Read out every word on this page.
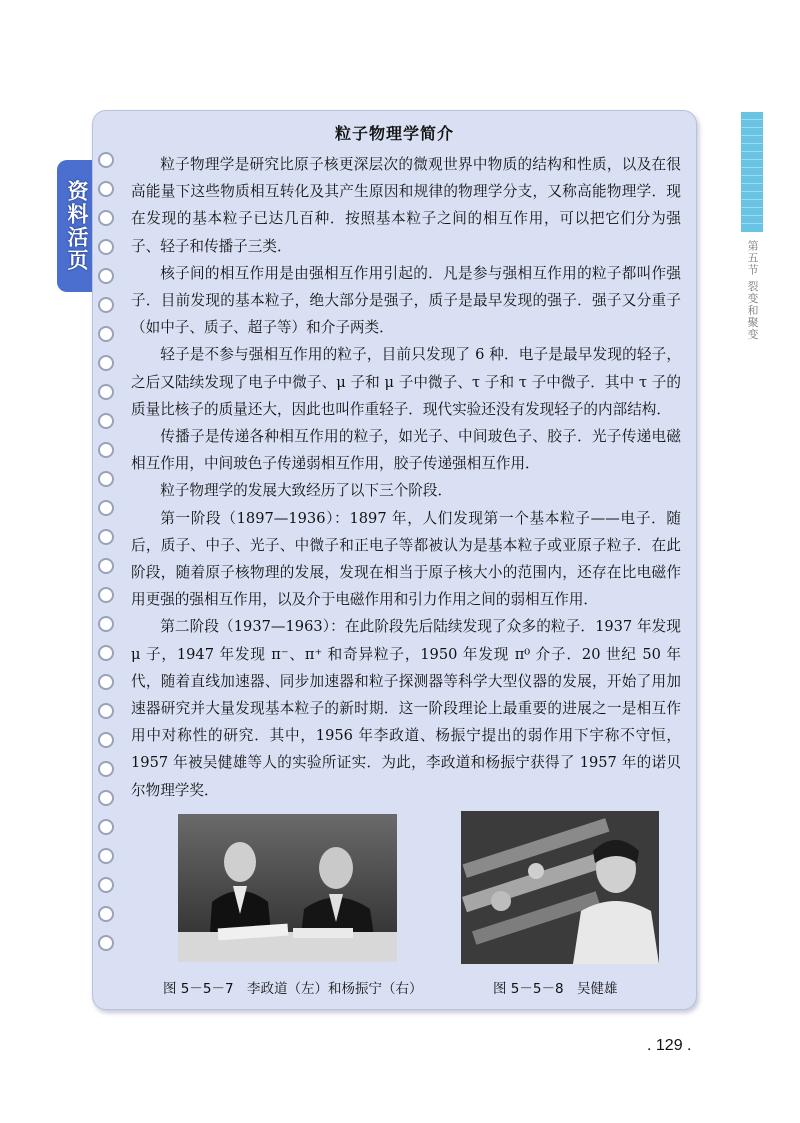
第五节 裂变和聚变
资料活页
粒子物理学简介

粒子物理学是研究比原子核更深层次的微观世界中物质的结构和性质，以及在很高能量下这些物质相互转化及其产生原因和规律的物理学分支，又称高能物理学．现在发现的基本粒子已达几百种．按照基本粒子之间的相互作用，可以把它们分为强子、轻子和传播子三类．

核子间的相互作用是由强相互作用引起的．凡是参与强相互作用的粒子都叫作强子．目前发现的基本粒子，绝大部分是强子，质子是最早发现的强子．强子又分重子（如中子、质子、超子等）和介子两类．

轻子是不参与强相互作用的粒子，目前只发现了 6 种．电子是最早发现的轻子，之后又陆续发现了电子中微子、μ 子和 μ 子中微子、τ 子和 τ 子中微子．其中 τ 子的质量比核子的质量还大，因此也叫作重轻子．现代实验还没有发现轻子的内部结构．

传播子是传递各种相互作用的粒子，如光子、中间玻色子、胶子．光子传递电磁相互作用，中间玻色子传递弱相互作用，胶子传递强相互作用．

粒子物理学的发展大致经历了以下三个阶段．

第一阶段（1897—1936）：1897 年，人们发现第一个基本粒子——电子．随后，质子、中子、光子、中微子和正电子等都被认为是基本粒子或亚原子粒子．在此阶段，随着原子核物理的发展，发现在相当于原子核大小的范围内，还存在比电磁作用更强的强相互作用，以及介于电磁作用和引力作用之间的弱相互作用．

第二阶段（1937—1963）：在此阶段先后陆续发现了众多的粒子．1937 年发现 μ 子，1947 年发现 π⁻、π⁺ 和奇异粒子，1950 年发现 π⁰ 介子．20 世纪 50 年代，随着直线加速器、同步加速器和粒子探测器等科学大型仪器的发展，开始了用加速器研究并大量发现基本粒子的新时期．这一阶段理论上最重要的进展之一是相互作用中对称性的研究．其中，1956 年李政道、杨振宁提出的弱作用下宇称不守恒，1957 年被吴健雄等人的实验所证实．为此，李政道和杨振宁获得了 1957 年的诺贝尔物理学奖．

图 5－5－7　李政道（左）和杨振宁（右）	图 5－5－8　吴健雄
. 129 .
